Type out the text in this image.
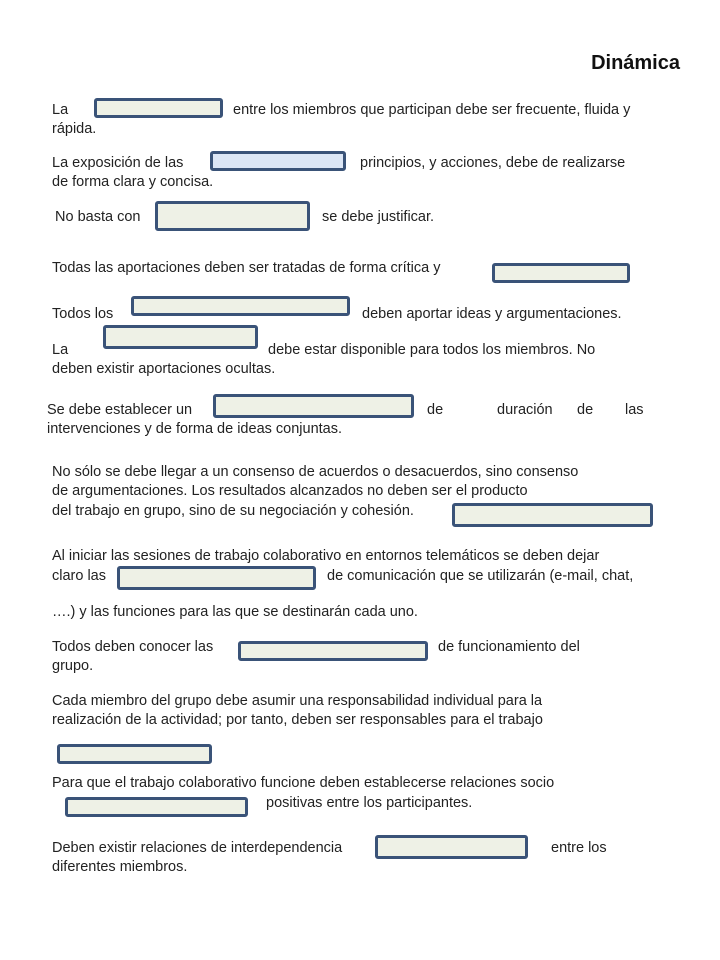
Dinámica
La	entre los miembros que participan debe ser frecuente, fluida y
rápida.
La exposición de las	principios, y acciones, debe de realizarse
de forma clara y concisa.
No basta con	se debe justificar.
Todas las aportaciones deben ser tratadas de forma crítica y
Todos los	deben aportar ideas y argumentaciones.
La	debe estar disponible para todos los miembros. No
deben existir aportaciones ocultas.
Se debe establecer un	de	duración de las
intervenciones y de forma de ideas conjuntas.
No sólo se debe llegar a un consenso de acuerdos o desacuerdos, sino consenso
de argumentaciones. Los resultados alcanzados no deben ser el producto
del trabajo en grupo, sino de su negociación y cohesión.
Al iniciar las sesiones de trabajo colaborativo en entornos telemáticos se deben dejar
claro las	de comunicación que se utilizarán (e-mail, chat,
….) y las funciones para las que se destinarán cada uno.
Todos deben conocer las	de funcionamiento del
grupo.
Cada miembro del grupo debe asumir una responsabilidad individual para la
realización de la actividad; por tanto, deben ser responsables para el trabajo
Para que el trabajo colaborativo funcione deben establecerse relaciones socio
positivas entre los participantes.
Deben existir relaciones de interdependencia	entre los
diferentes miembros.
